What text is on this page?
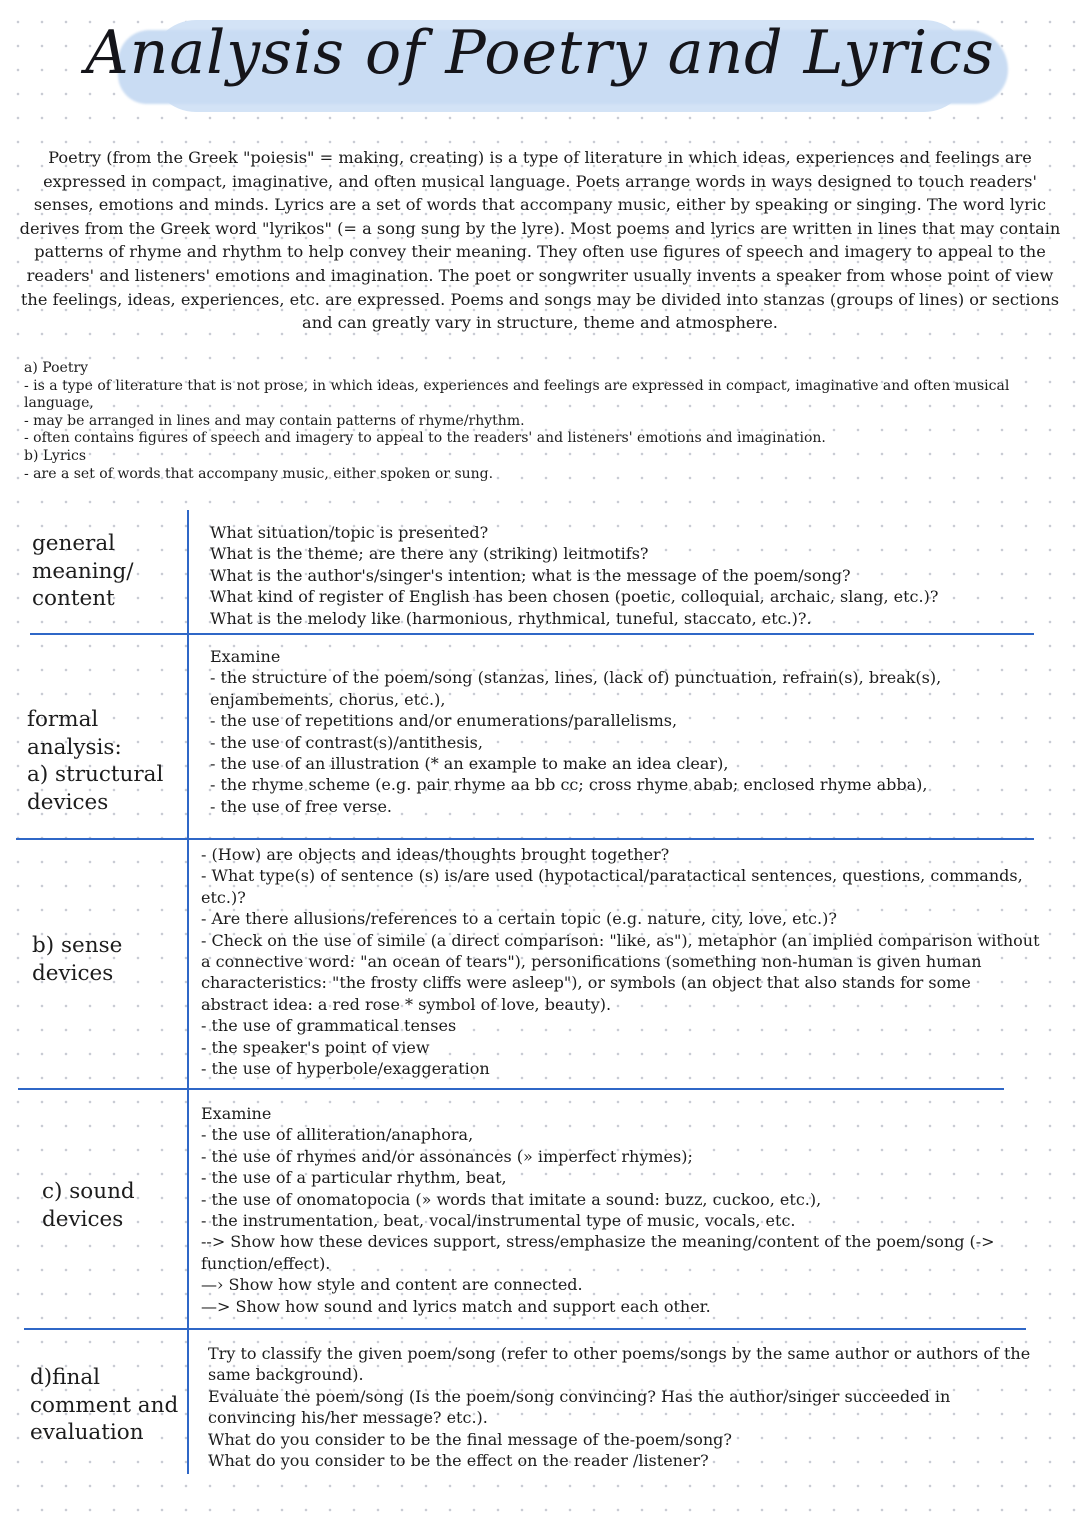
Analysis of Poetry and Lyrics
Poetry (from the Greek "poiesis" = making, creating) is a type of literature in which ideas, experiences and feelings are expressed in compact, imaginative, and often musical language. Poets arrange words in ways designed to touch readers' senses, emotions and minds. Lyrics are a set of words that accompany music, either by speaking or singing. The word lyric derives from the Greek word "lyrikos" (= a song sung by the lyre). Most poems and lyrics are written in lines that may contain patterns of rhyme and rhythm to help convey their meaning. They often use figures of speech and imagery to appeal to the readers' and listeners' emotions and imagination. The poet or songwriter usually invents a speaker from whose point of view the feelings, ideas, experiences, etc. are expressed. Poems and songs may be divided into stanzas (groups of lines) or sections and can greatly vary in structure, theme and atmosphere.
a) Poetry
- is a type of literature that is not prose, in which ideas, experiences and feelings are expressed in compact, imaginative and often musical language,
- may be arranged in lines and may contain patterns of rhyme/rhythm.
- often contains figures of speech and imagery to appeal to the readers' and listeners' emotions and imagination.
b) Lyrics
- are a set of words that accompany music, either spoken or sung.
general
meaning/
content
What situation/topic is presented?
What is the theme; are there any (striking) leitmotifs?
What is the author's/singer's intention; what is the message of the poem/song?
What kind of register of English has been chosen (poetic, colloquial, archaic, slang, etc.)?
What is the melody like (harmonious, rhythmical, tuneful, staccato, etc.)?.
formal
analysis:
a) structural
devices
Examine
- the structure of the poem/song (stanzas, lines, (lack of) punctuation, refrain(s), break(s), enjambements, chorus, etc.),
- the use of repetitions and/or enumerations/parallelisms,
- the use of contrast(s)/antithesis,
- the use of an illustration (* an example to make an idea clear),
- the rhyme scheme (e.g. pair rhyme aa bb cc; cross rhyme abab; enclosed rhyme abba),
- the use of free verse.
b) sense
devices
- (How) are objects and ideas/thoughts brought together?
- What type(s) of sentence (s) is/are used (hypotactical/paratactical sentences, questions, commands, etc.)?
- Are there allusions/references to a certain topic (e.g. nature, city, love, etc.)?
- Check on the use of simile (a direct comparison: "like, as"), metaphor (an implied comparison without a connective word: "an ocean of tears"), personifications (something non-human is given human characteristics: "the frosty cliffs were asleep"), or symbols (an object that also stands for some abstract idea: a red rose * symbol of love, beauty).
- the use of grammatical tenses
- the speaker's point of view
- the use of hyperbole/exaggeration
c) sound
devices
Examine
- the use of alliteration/anaphora,
- the use of rhymes and/or assonances (» imperfect rhymes);
- the use of a particular rhythm, beat,
- the use of onomatopocia (» words that imitate a sound: buzz, cuckoo, etc.),
- the instrumentation, beat, vocal/instrumental type of music, vocals, etc.
--> Show how these devices support, stress/emphasize the meaning/content of the poem/song (-> function/effect).
—› Show how style and content are connected.
—> Show how sound and lyrics match and support each other.
d)final
comment and
evaluation
Try to classify the given poem/song (refer to other poems/songs by the same author or authors of the same background).
Evaluate the poem/song (Is the poem/song convincing? Has the author/singer succeeded in convincing his/her message? etc.).
What do you consider to be the final message of the-poem/song?
What do you consider to be the effect on the reader /listener?
